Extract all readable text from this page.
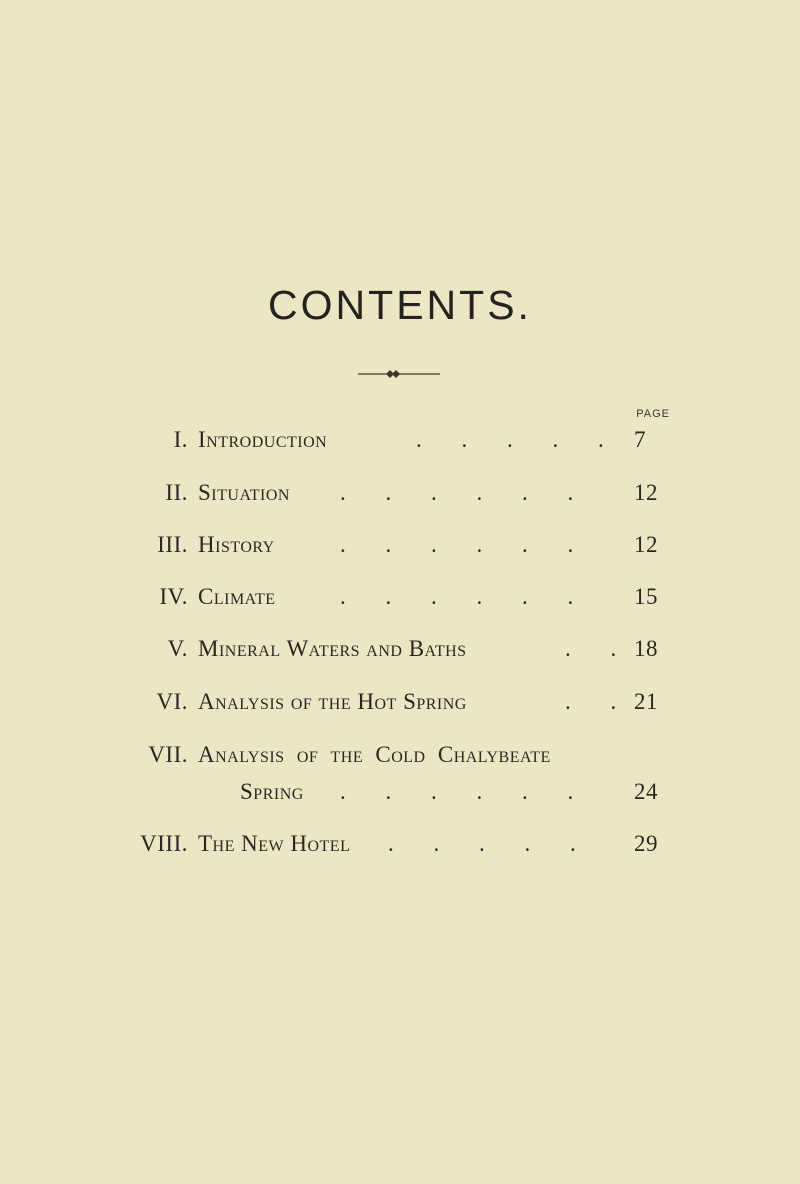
CONTENTS.
PAGE
I. Introduction	. . . . . 7
II. Situation . . . . . . 12
III. History	. . . . . . 12
IV. Climate	. . . . . . 15
V. Mineral Waters and Baths	. . 18
VI. Analysis of the Hot Spring	. . 21
VII. Analysis of the Cold Chalybeate
Spring . . . . . . 24
VIII. The New Hotel . . . . . 29
